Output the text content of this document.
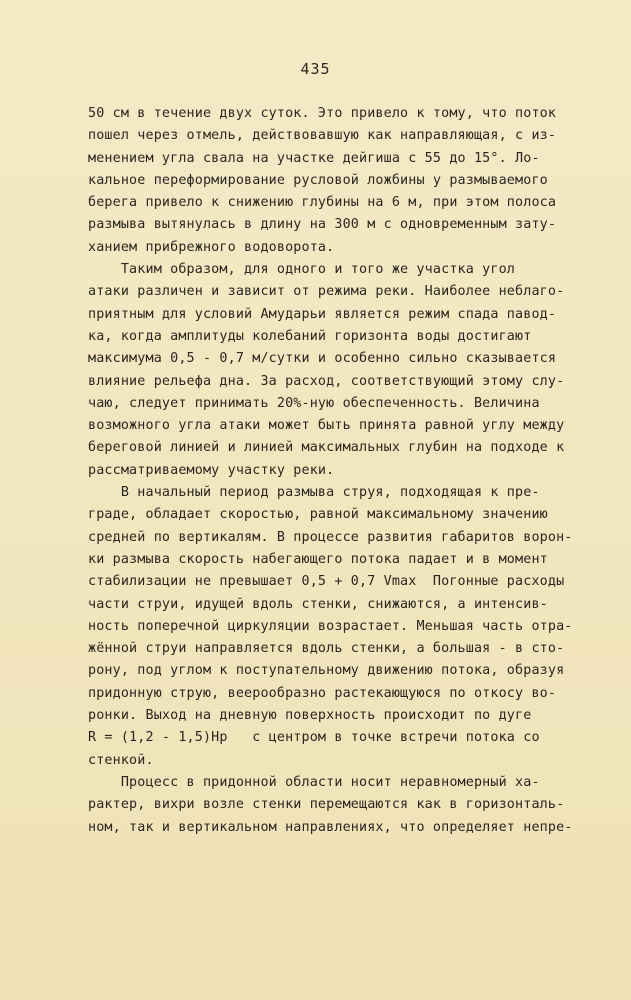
435
50 см в течение двух суток. Это привело к тому, что поток
пошел через отмель, действовавшую как направляющая, с из-
менением угла свала на участке дейгиша с 55 до 15°. Ло-
кальное переформирование русловой ложбины у размываемого
берега привело к снижению глубины на 6 м, при этом полоса
размыва вытянулась в длину на 300 м с одновременным зату-
ханием прибрежного водоворота.
Таким образом, для одного и того же участка угол
атаки различен и зависит от режима реки. Наиболее неблаго-
приятным для условий Амударьи является режим спада павод-
ка, когда амплитуды колебаний горизонта воды достигают
максимума 0,5 - 0,7 м/сутки и особенно сильно сказывается
влияние рельефа дна. За расход, соответствующий этому слу-
чаю, следует принимать 20%-ную обеспеченность. Величина
возможного угла атаки может быть принята равной углу между
береговой линией и линией максимальных глубин на подходе к
рассматриваемому участку реки.
В начальный период размыва струя, подходящая к пре-
граде, обладает скоростью, равной максимальному значению
средней по вертикалям. В процессе развития габаритов ворон-
ки размыва скорость набегающего потока падает и в момент
стабилизации не превышает 0,5 + 0,7 Vmax  Погонные расходы
части струи, идущей вдоль стенки, снижаются, а интенсив-
ность поперечной циркуляции возрастает. Меньшая часть отра-
жённой струи направляется вдоль стенки, а большая - в сто-
рону, под углом к поступательному движению потока, образуя
придонную струю, веерообразно растекающуюся по откосу во-
ронки. Выход на дневную поверхность происходит по дуге
R = (1,2 - 1,5)Hp   с центром в точке встречи потока со
стенкой.
Процесс в придонной области носит неравномерный ха-
рактер, вихри возле стенки перемещаются как в горизонталь-
ном, так и вертикальном направлениях, что определяет непре-
